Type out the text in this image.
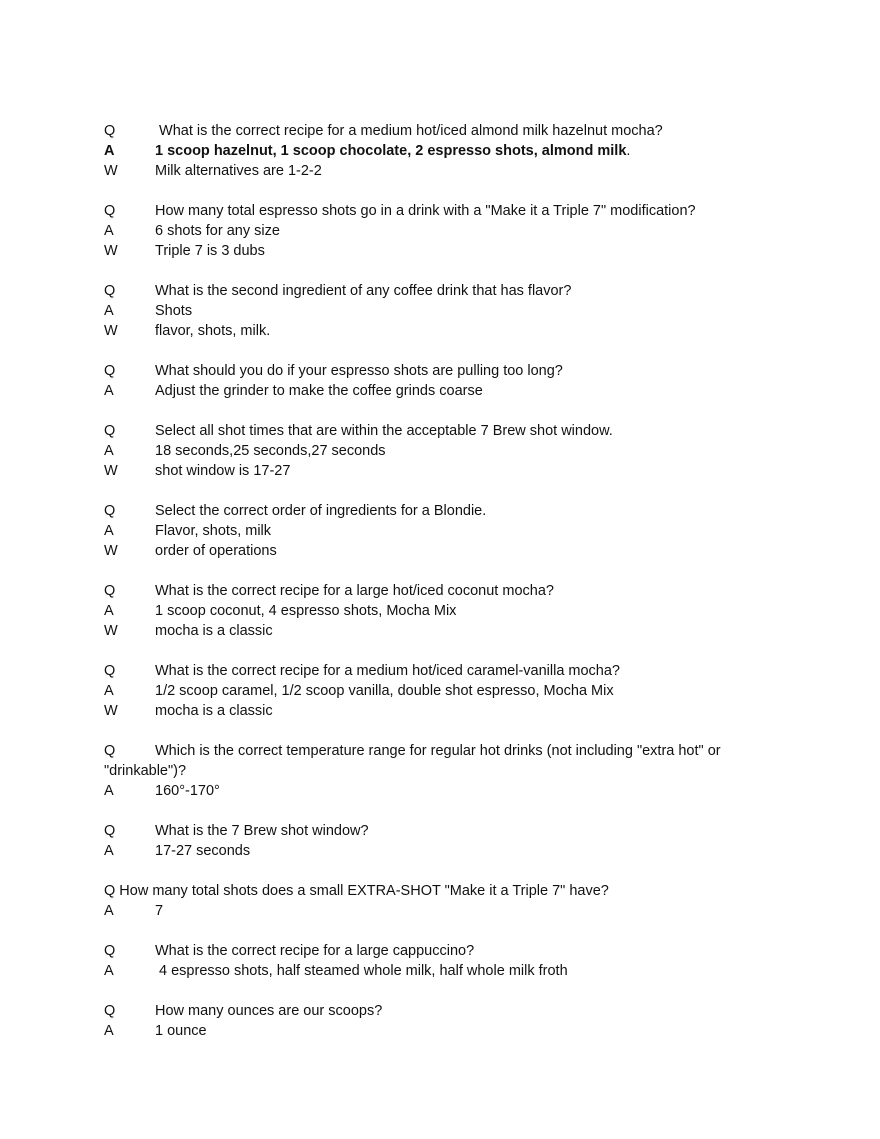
Q	What is the correct recipe for a medium hot/iced almond milk hazelnut mocha?
A	1 scoop hazelnut, 1 scoop chocolate, 2 espresso shots, almond milk.
W	Milk alternatives are 1-2-2
Q	How many total espresso shots go in a drink with a "Make it a Triple 7" modification?
A	6 shots for any size
W	Triple 7 is 3 dubs
Q	What is the second ingredient of any coffee drink that has flavor?
A	Shots
W	flavor, shots, milk.
Q	What should you do if your espresso shots are pulling too long?
A	Adjust the grinder to make the coffee grinds coarse
Q	Select all shot times that are within the acceptable 7 Brew shot window.
A	18 seconds,25 seconds,27 seconds
W	shot window is 17-27
Q	Select the correct order of ingredients for a Blondie.
A	Flavor, shots, milk
W	order of operations
Q	What is the correct recipe for a large hot/iced coconut mocha?
A	1 scoop coconut, 4 espresso shots, Mocha Mix
W	mocha is a classic
Q	What is the correct recipe for a medium hot/iced caramel-vanilla mocha?
A	1/2 scoop caramel, 1/2 scoop vanilla, double shot espresso, Mocha Mix
W	mocha is a classic
Q	Which is the correct temperature range for regular hot drinks (not including "extra hot" or
"drinkable")?
A	160°-170°
Q	What is the 7 Brew shot window?
A	17-27 seconds
Q How many total shots does a small EXTRA-SHOT "Make it a Triple 7" have?
A	7
Q	What is the correct recipe for a large cappuccino?
A	4 espresso shots, half steamed whole milk, half whole milk froth
Q	How many ounces are our scoops?
A	1 ounce
